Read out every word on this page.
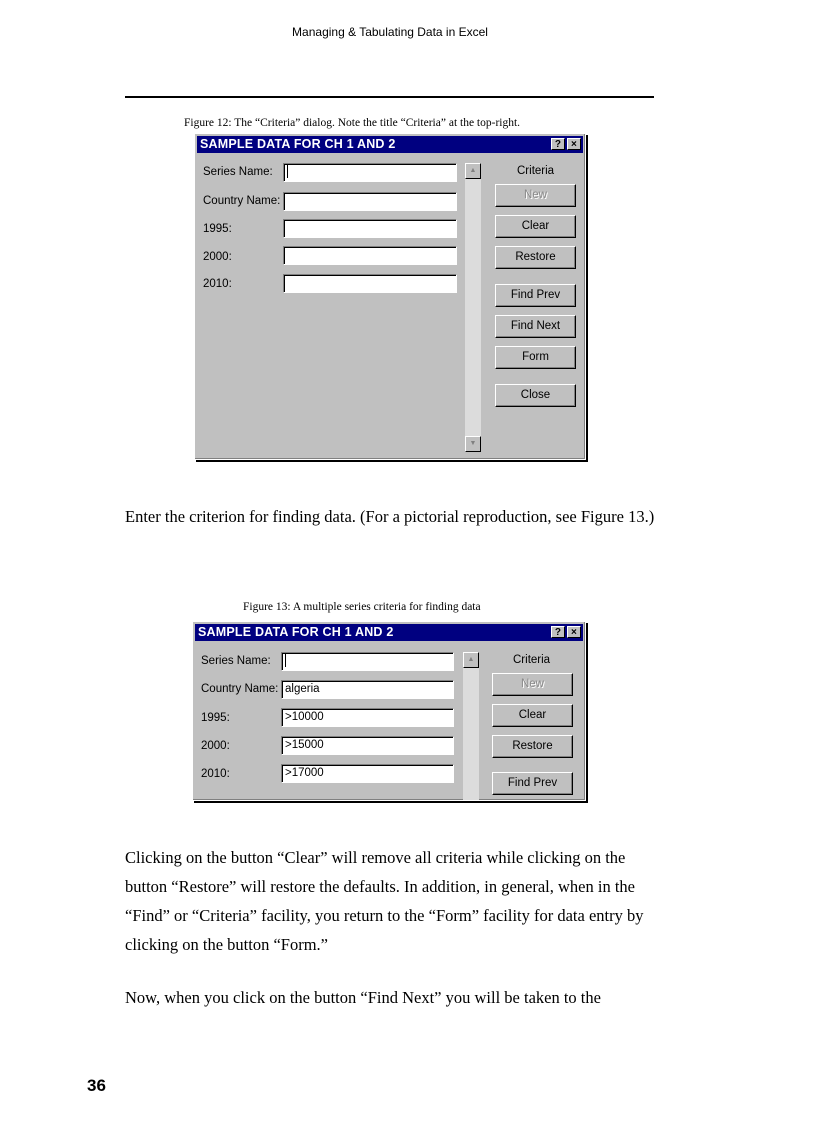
Managing & Tabulating Data in Excel
Figure 12: The “Criteria” dialog. Note the title “Criteria” at the top-right.
SAMPLE DATA FOR CH 1 AND 2	? ×
Series Name:
Country Name:
1995:
2000:
2010:
▲
▼
Criteria
New
Clear
Restore
Find Prev
Find Next
Form
Close
Enter the criterion for finding data. (For a pictorial reproduction, see Figure 13.)
Figure 13: A multiple series criteria for finding data
SAMPLE DATA FOR CH 1 AND 2	? ×
Series Name:
Country Name: algeria
1995:	>10000
2000:	>15000
2010:	>17000
▲	Criteria
New
Clear
Restore
Find Prev
Clicking on the button “Clear” will remove all criteria while clicking on the button “Restore” will restore the defaults. In addition, in general, when in the “Find” or “Criteria” facility, you return to the “Form” facility for data entry by clicking on the button “Form.”
Now, when you click on the button “Find Next” you will be taken to the
36
